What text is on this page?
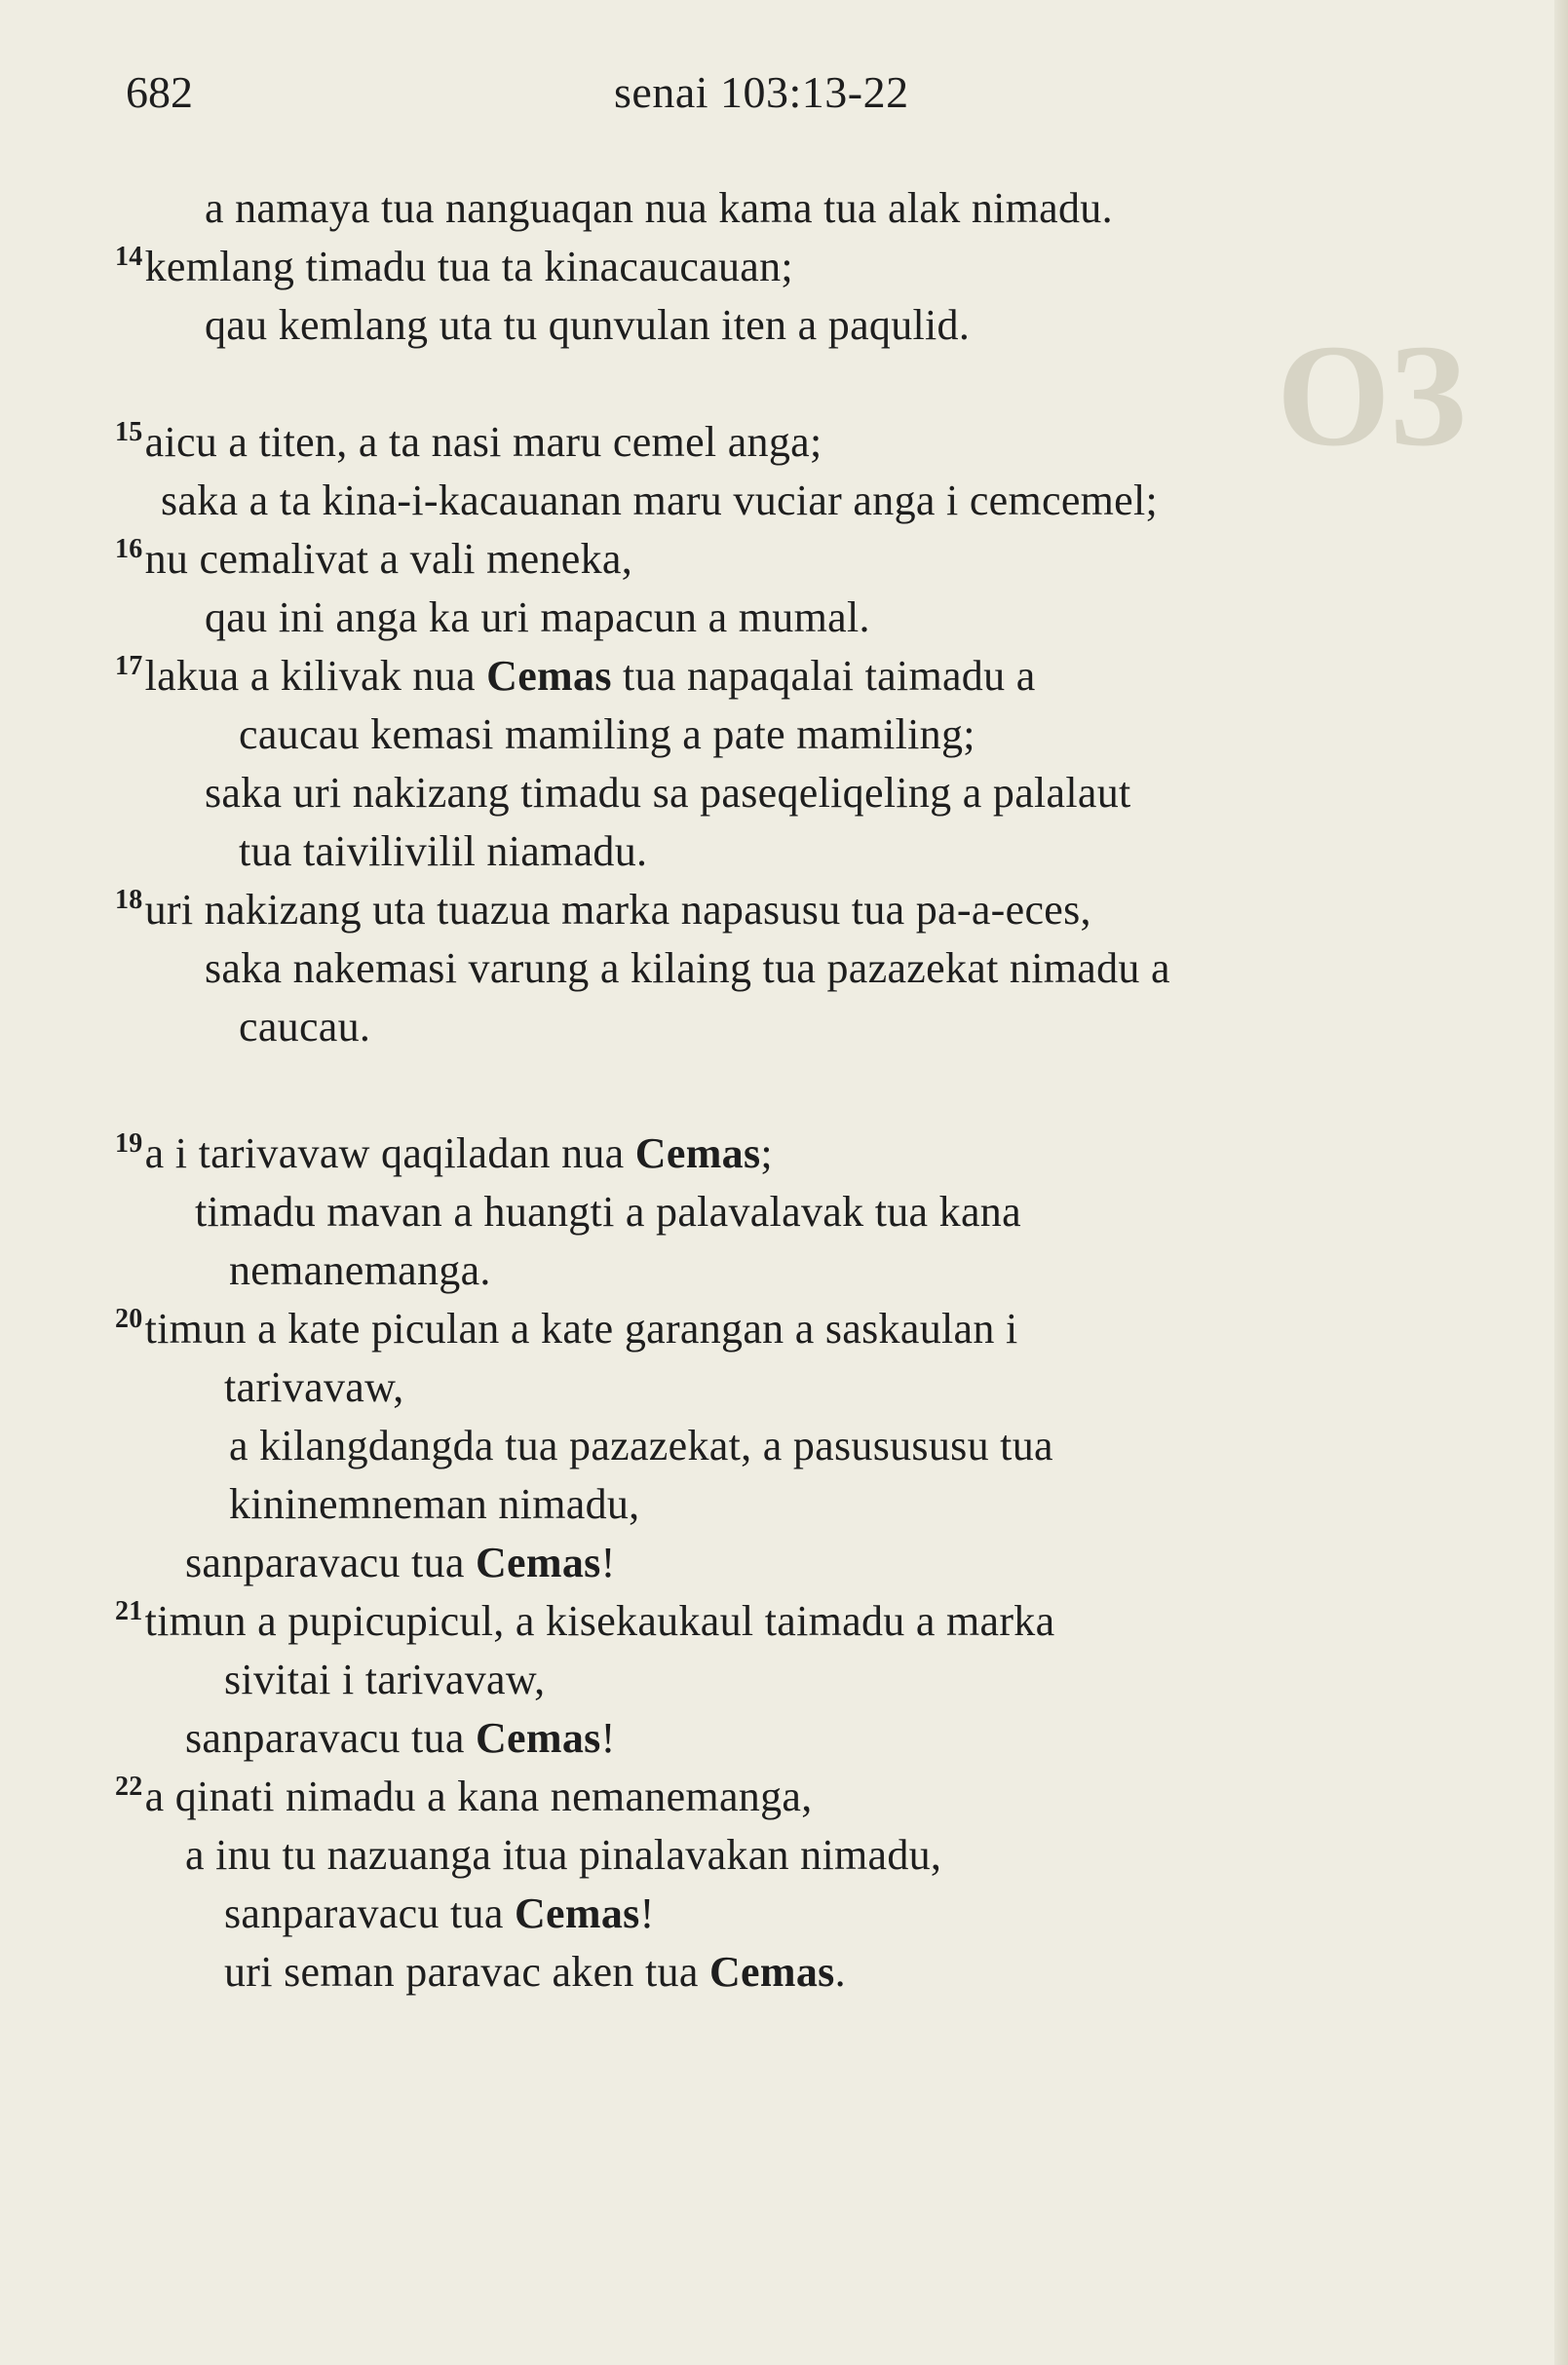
ƐO
682	senai 103:13-22
a namaya tua nanguaqan nua kama tua alak nimadu.
$^{14}$kemlang timadu tua ta kinacaucauan;
qau kemlang uta tu qunvulan iten a paqulid.
$^{15}$aicu a titen, a ta nasi maru cemel anga;
saka a ta kina-i-kacauanan maru vuciar anga i cemcemel;
$^{16}$nu cemalivat a vali meneka,
qau ini anga ka uri mapacun a mumal.
$^{17}$lakua a kilivak nua Cemas tua napaqalai taimadu a
caucau kemasi mamiling a pate mamiling;
saka uri nakizang timadu sa paseqeliqeling a palalaut
tua taivilivilil niamadu.
$^{18}$uri nakizang uta tuazua marka napasusu tua pa-a-eces,
saka nakemasi varung a kilaing tua pazazekat nimadu a
caucau.
$^{19}$a i tarivavaw qaqiladan nua Cemas;
timadu mavan a huangti a palavalavak tua kana
nemanemanga.
$^{20}$timun a kate piculan a kate garangan a saskaulan i
tarivavaw,
a kilangdangda tua pazazekat, a pasusususu tua
kininemneman nimadu,
sanparavacu tua Cemas!
$^{21}$timun a pupicupicul, a kisekaukaul taimadu a marka
sivitai i tarivavaw,
sanparavacu tua Cemas!
$^{22}$a qinati nimadu a kana nemanemanga,
a inu tu nazuanga itua pinalavakan nimadu,
sanparavacu tua Cemas!
uri seman paravac aken tua Cemas.
